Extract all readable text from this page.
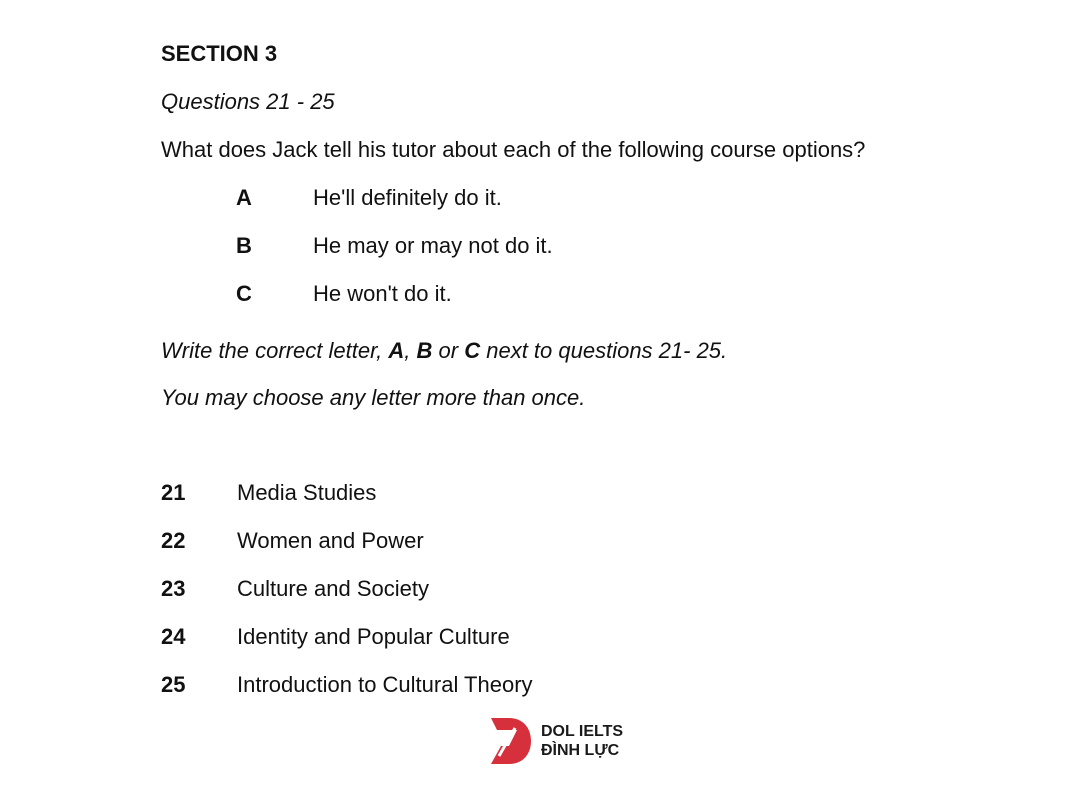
SECTION 3

Questions 21 - 25

What does Jack tell his tutor about each of the following course options?

A	He'll definitely do it.
B	He may or may not do it.
C	He won't do it.

Write the correct letter, A, B or C next to questions 21- 25.

You may choose any letter more than once.

21	Media Studies
22	Women and Power
23	Culture and Society
24	Identity and Popular Culture
25	Introduction to Cultural Theory
DOL IELTS
ĐÌNH LỰC
